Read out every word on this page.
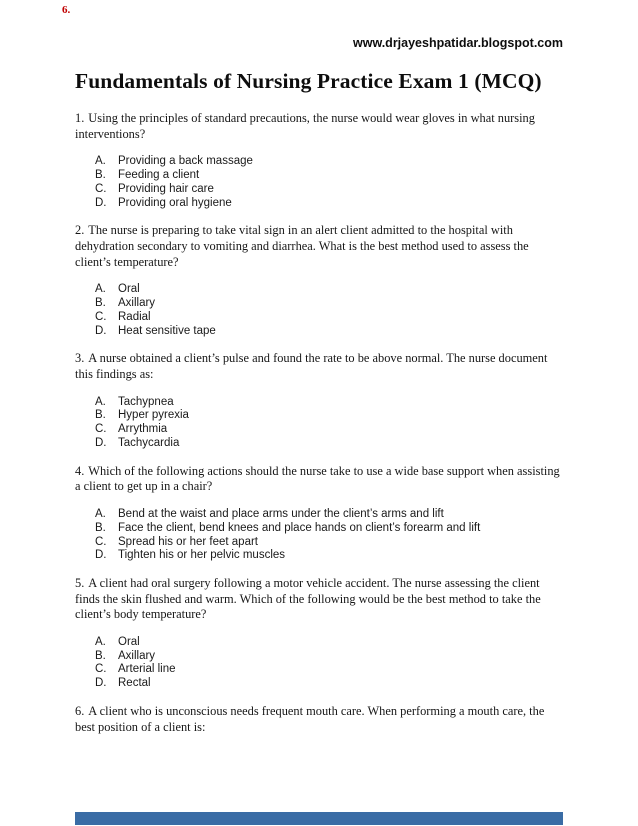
6.
www.drjayeshpatidar.blogspot.com
Fundamentals of Nursing Practice Exam 1 (MCQ)

1. Using the principles of standard precautions, the nurse would wear gloves in what nursing interventions?

A.	Providing a back massage
B.	Feeding a client
C.	Providing hair care
D.	Providing oral hygiene

2. The nurse is preparing to take vital sign in an alert client admitted to the hospital with dehydration secondary to vomiting and diarrhea. What is the best method used to assess the client’s temperature?

A.	Oral
B.	Axillary
C.	Radial
D.	Heat sensitive tape

3. A nurse obtained a client’s pulse and found the rate to be above normal. The nurse document this findings as:

A.	Tachypnea
B.	Hyper pyrexia
C.	Arrythmia
D.	Tachycardia

4. Which of the following actions should the nurse take to use a wide base support when assisting a client to get up in a chair?

A.	Bend at the waist and place arms under the client’s arms and lift
B.	Face the client, bend knees and place hands on client’s forearm and lift
C.	Spread his or her feet apart
D.	Tighten his or her pelvic muscles

5. A client had oral surgery following a motor vehicle accident. The nurse assessing the client finds the skin flushed and warm. Which of the following would be the best method to take the client’s body temperature?

A.	Oral
B.	Axillary
C.	Arterial line
D.	Rectal

6. A client who is unconscious needs frequent mouth care. When performing a mouth care, the best position of a client is:
